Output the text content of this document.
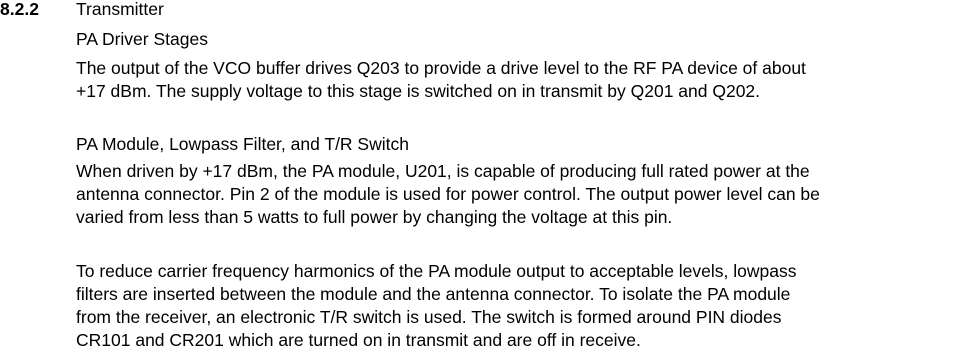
8.2.2 Transmitter
PA Driver Stages
The output of the VCO buffer drives Q203 to provide a drive level to the RF PA device of about
+17 dBm. The supply voltage to this stage is switched on in transmit by Q201 and Q202.
PA Module, Lowpass Filter, and T/R Switch
When driven by +17 dBm, the PA module, U201, is capable of producing full rated power at the
antenna connector. Pin 2 of the module is used for power control. The output power level can be
varied from less than 5 watts to full power by changing the voltage at this pin.
To reduce carrier frequency harmonics of the PA module output to acceptable levels, lowpass
filters are inserted between the module and the antenna connector. To isolate the PA module
from the receiver, an electronic T/R switch is used. The switch is formed around PIN diodes
CR101 and CR201 which are turned on in transmit and are off in receive.
